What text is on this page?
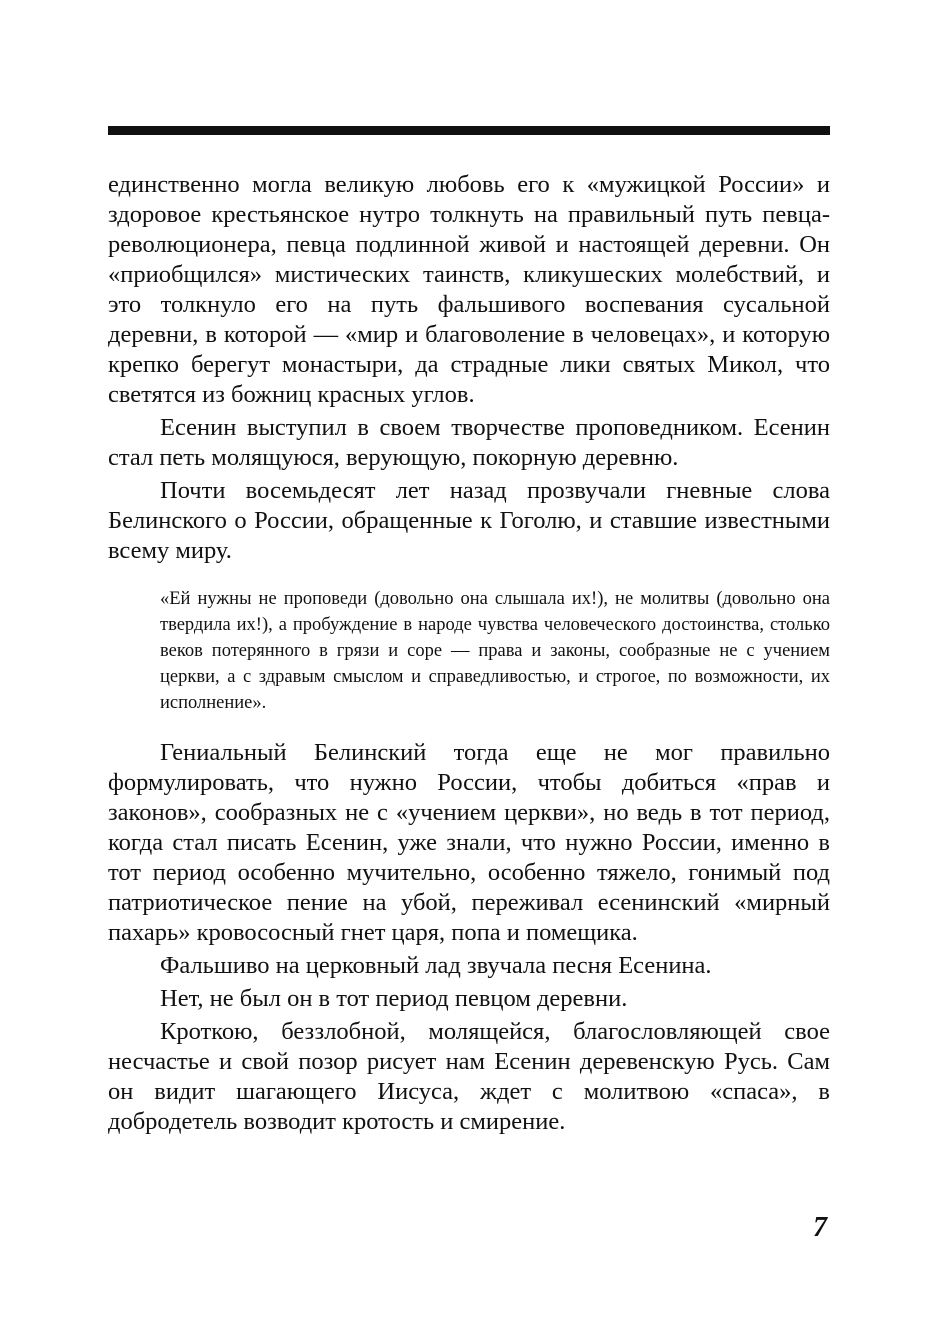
единственно могла великую любовь его к «мужицкой России» и здоровое крестьянское нутро толкнуть на правильный путь певца-революционера, певца подлинной живой и настоящей деревни. Он «приобщился» мистических таинств, кликушеских молебствий, и это толкнуло его на путь фальшивого воспевания сусальной деревни, в которой — «мир и благоволение в человецах», и которую крепко берегут монастыри, да страдные лики святых Микол, что светятся из божниц красных углов.

Есенин выступил в своем творчестве проповедником. Есенин стал петь молящуюся, верующую, покорную деревню.

Почти восемьдесят лет назад прозвучали гневные слова Белинского о России, обращенные к Гоголю, и ставшие известными всему миру.

«Ей нужны не проповеди (довольно она слышала их!), не молитвы (довольно она твердила их!), а пробуждение в народе чувства человеческого достоинства, столько веков потерянного в грязи и соре — права и законы, сообразные не с учением церкви, а с здравым смыслом и справедливостью, и строгое, по возможности, их исполнение».

Гениальный Белинский тогда еще не мог правильно формулировать, что нужно России, чтобы добиться «прав и законов», сообразных не с «учением церкви», но ведь в тот период, когда стал писать Есенин, уже знали, что нужно России, именно в тот период особенно мучительно, особенно тяжело, гонимый под патриотическое пение на убой, переживал есенинский «мирный пахарь» кровососный гнет царя, попа и помещика.

Фальшиво на церковный лад звучала песня Есенина.

Нет, не был он в тот период певцом деревни.

Кроткою, беззлобной, молящейся, благословляющей свое несчастье и свой позор рисует нам Есенин деревенскую Русь. Сам он видит шагающего Иисуса, ждет с молитвою «спаса», в добродетель возводит кротость и смирение.

7
